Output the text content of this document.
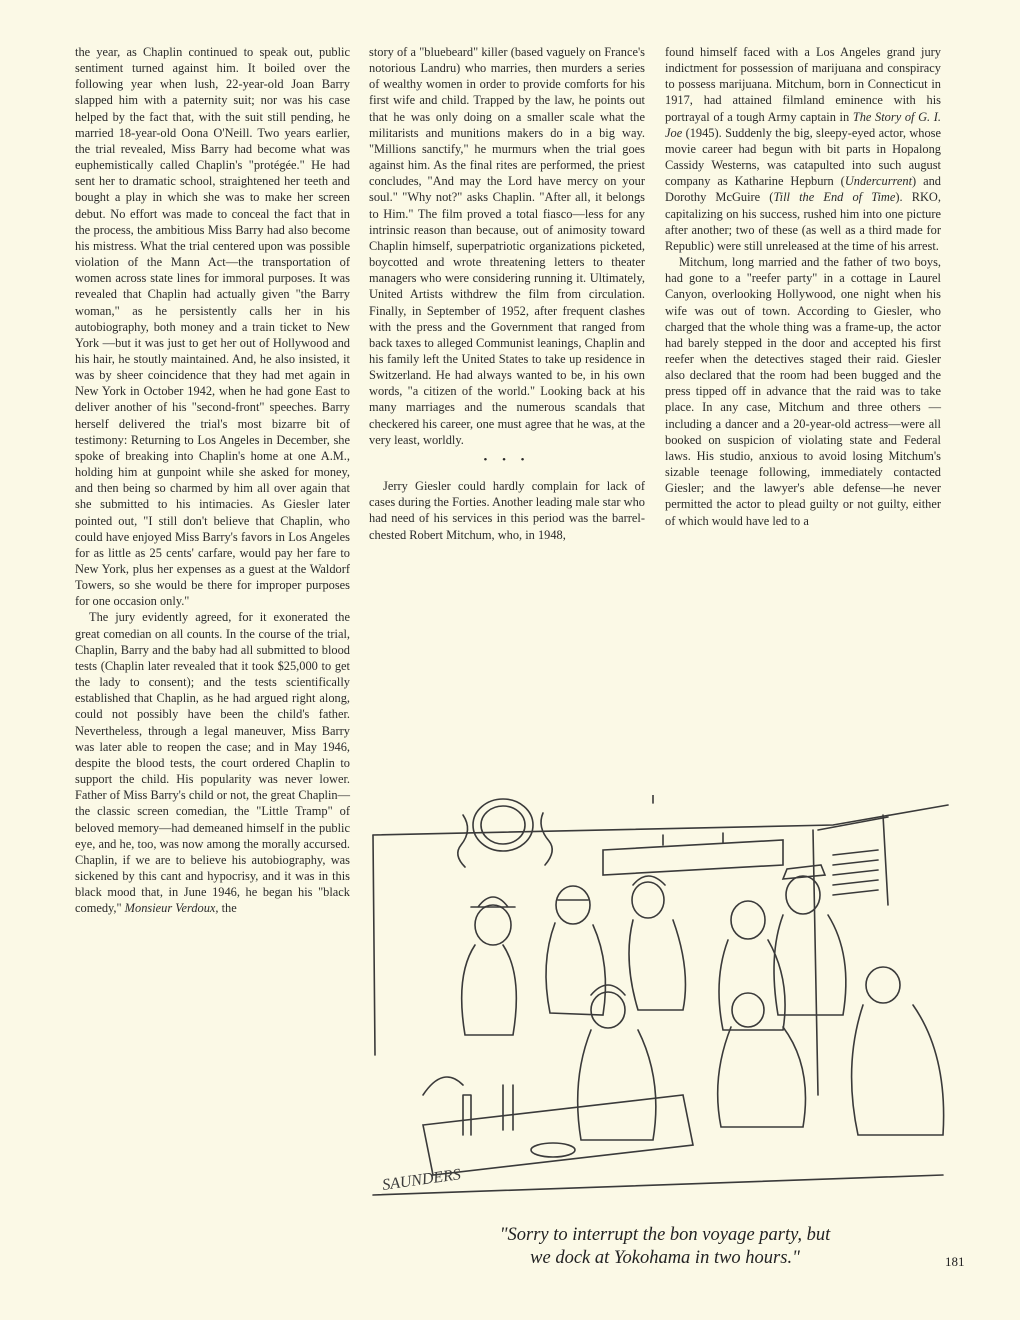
the year, as Chaplin continued to speak out, public sentiment turned against him. It boiled over the following year when lush, 22-year-old Joan Barry slapped him with a paternity suit; nor was his case helped by the fact that, with the suit still pending, he married 18-year-old Oona O'Neill. Two years earlier, the trial revealed, Miss Barry had become what was euphemistically called Chaplin's "protégée." He had sent her to dramatic school, straightened her teeth and bought a play in which she was to make her screen debut. No effort was made to conceal the fact that in the process, the ambitious Miss Barry had also become his mistress. What the trial centered upon was possible violation of the Mann Act—the transportation of women across state lines for immoral purposes. It was revealed that Chaplin had actually given "the Barry woman," as he persistently calls her in his autobiography, both money and a train ticket to New York —but it was just to get her out of Hollywood and his hair, he stoutly maintained. And, he also insisted, it was by sheer coincidence that they had met again in New York in October 1942, when he had gone East to deliver another of his "second-front" speeches. Barry herself delivered the trial's most bizarre bit of testimony: Returning to Los Angeles in December, she spoke of breaking into Chaplin's home at one A.M., holding him at gunpoint while she asked for money, and then being so charmed by him all over again that she submitted to his intimacies. As Giesler later pointed out, "I still don't believe that Chaplin, who could have enjoyed Miss Barry's favors in Los Angeles for as little as 25 cents' carfare, would pay her fare to New York, plus her expenses as a guest at the Waldorf Towers, so she would be there for improper purposes for one occasion only."

The jury evidently agreed, for it exonerated the great comedian on all counts. In the course of the trial, Chaplin, Barry and the baby had all submitted to blood tests (Chaplin later revealed that it took $25,000 to get the lady to consent); and the tests scientifically established that Chaplin, as he had argued right along, could not possibly have been the child's father. Nevertheless, through a legal maneuver, Miss Barry was later able to reopen the case; and in May 1946, despite the blood tests, the court ordered Chaplin to support the child. His popularity was never lower. Father of Miss Barry's child or not, the great Chaplin—the classic screen comedian, the "Little Tramp" of beloved memory—had demeaned himself in the public eye, and he, too, was now among the morally accursed. Chaplin, if we are to believe his autobiography, was sickened by this cant and hypocrisy, and it was in this black mood that, in June 1946, he began his "black comedy," Monsieur Verdoux, the

story of a "bluebeard" killer (based vaguely on France's notorious Landru) who marries, then murders a series of wealthy women in order to provide comforts for his first wife and child. Trapped by the law, he points out that he was only doing on a smaller scale what the militarists and munitions makers do in a big way. "Millions sanctify," he murmurs when the trial goes against him. As the final rites are performed, the priest concludes, "And may the Lord have mercy on your soul." "Why not?" asks Chaplin. "After all, it belongs to Him." The film proved a total fiasco—less for any intrinsic reason than because, out of animosity toward Chaplin himself, superpatriotic organizations picketed, boycotted and wrote threatening letters to theater managers who were considering running it. Ultimately, United Artists withdrew the film from circulation. Finally, in September of 1952, after frequent clashes with the press and the Government that ranged from back taxes to alleged Communist leanings, Chaplin and his family left the United States to take up residence in Switzerland. He had always wanted to be, in his own words, "a citizen of the world." Looking back at his many marriages and the numerous scandals that checkered his career, one must agree that he was, at the very least, worldly.

• • •

Jerry Giesler could hardly complain for lack of cases during the Forties. Another leading male star who had need of his services in this period was the barrel-chested Robert Mitchum, who, in 1948,

found himself faced with a Los Angeles grand jury indictment for possession of marijuana and conspiracy to possess marijuana. Mitchum, born in Connecticut in 1917, had attained filmland eminence with his portrayal of a tough Army captain in The Story of G. I. Joe (1945). Suddenly the big, sleepy-eyed actor, whose movie career had begun with bit parts in Hopalong Cassidy Westerns, was catapulted into such august company as Katharine Hepburn (Undercurrent) and Dorothy McGuire (Till the End of Time). RKO, capitalizing on his success, rushed him into one picture after another; two of these (as well as a third made for Republic) were still unreleased at the time of his arrest.

Mitchum, long married and the father of two boys, had gone to a "reefer party" in a cottage in Laurel Canyon, overlooking Hollywood, one night when his wife was out of town. According to Giesler, who charged that the whole thing was a frame-up, the actor had barely stepped in the door and accepted his first reefer when the detectives staged their raid. Giesler also declared that the room had been bugged and the press tipped off in advance that the raid was to take place. In any case, Mitchum and three others —including a dancer and a 20-year-old actress—were all booked on suspicion of violating state and Federal laws. His studio, anxious to avoid losing Mitchum's sizable teenage following, immediately contacted Giesler; and the lawyer's able defense—he never permitted the actor to plead guilty or not guilty, either of which would have led to a

SAUNDERS
"Sorry to interrupt the bon voyage party, but
we dock at Yokohama in two hours."	181
